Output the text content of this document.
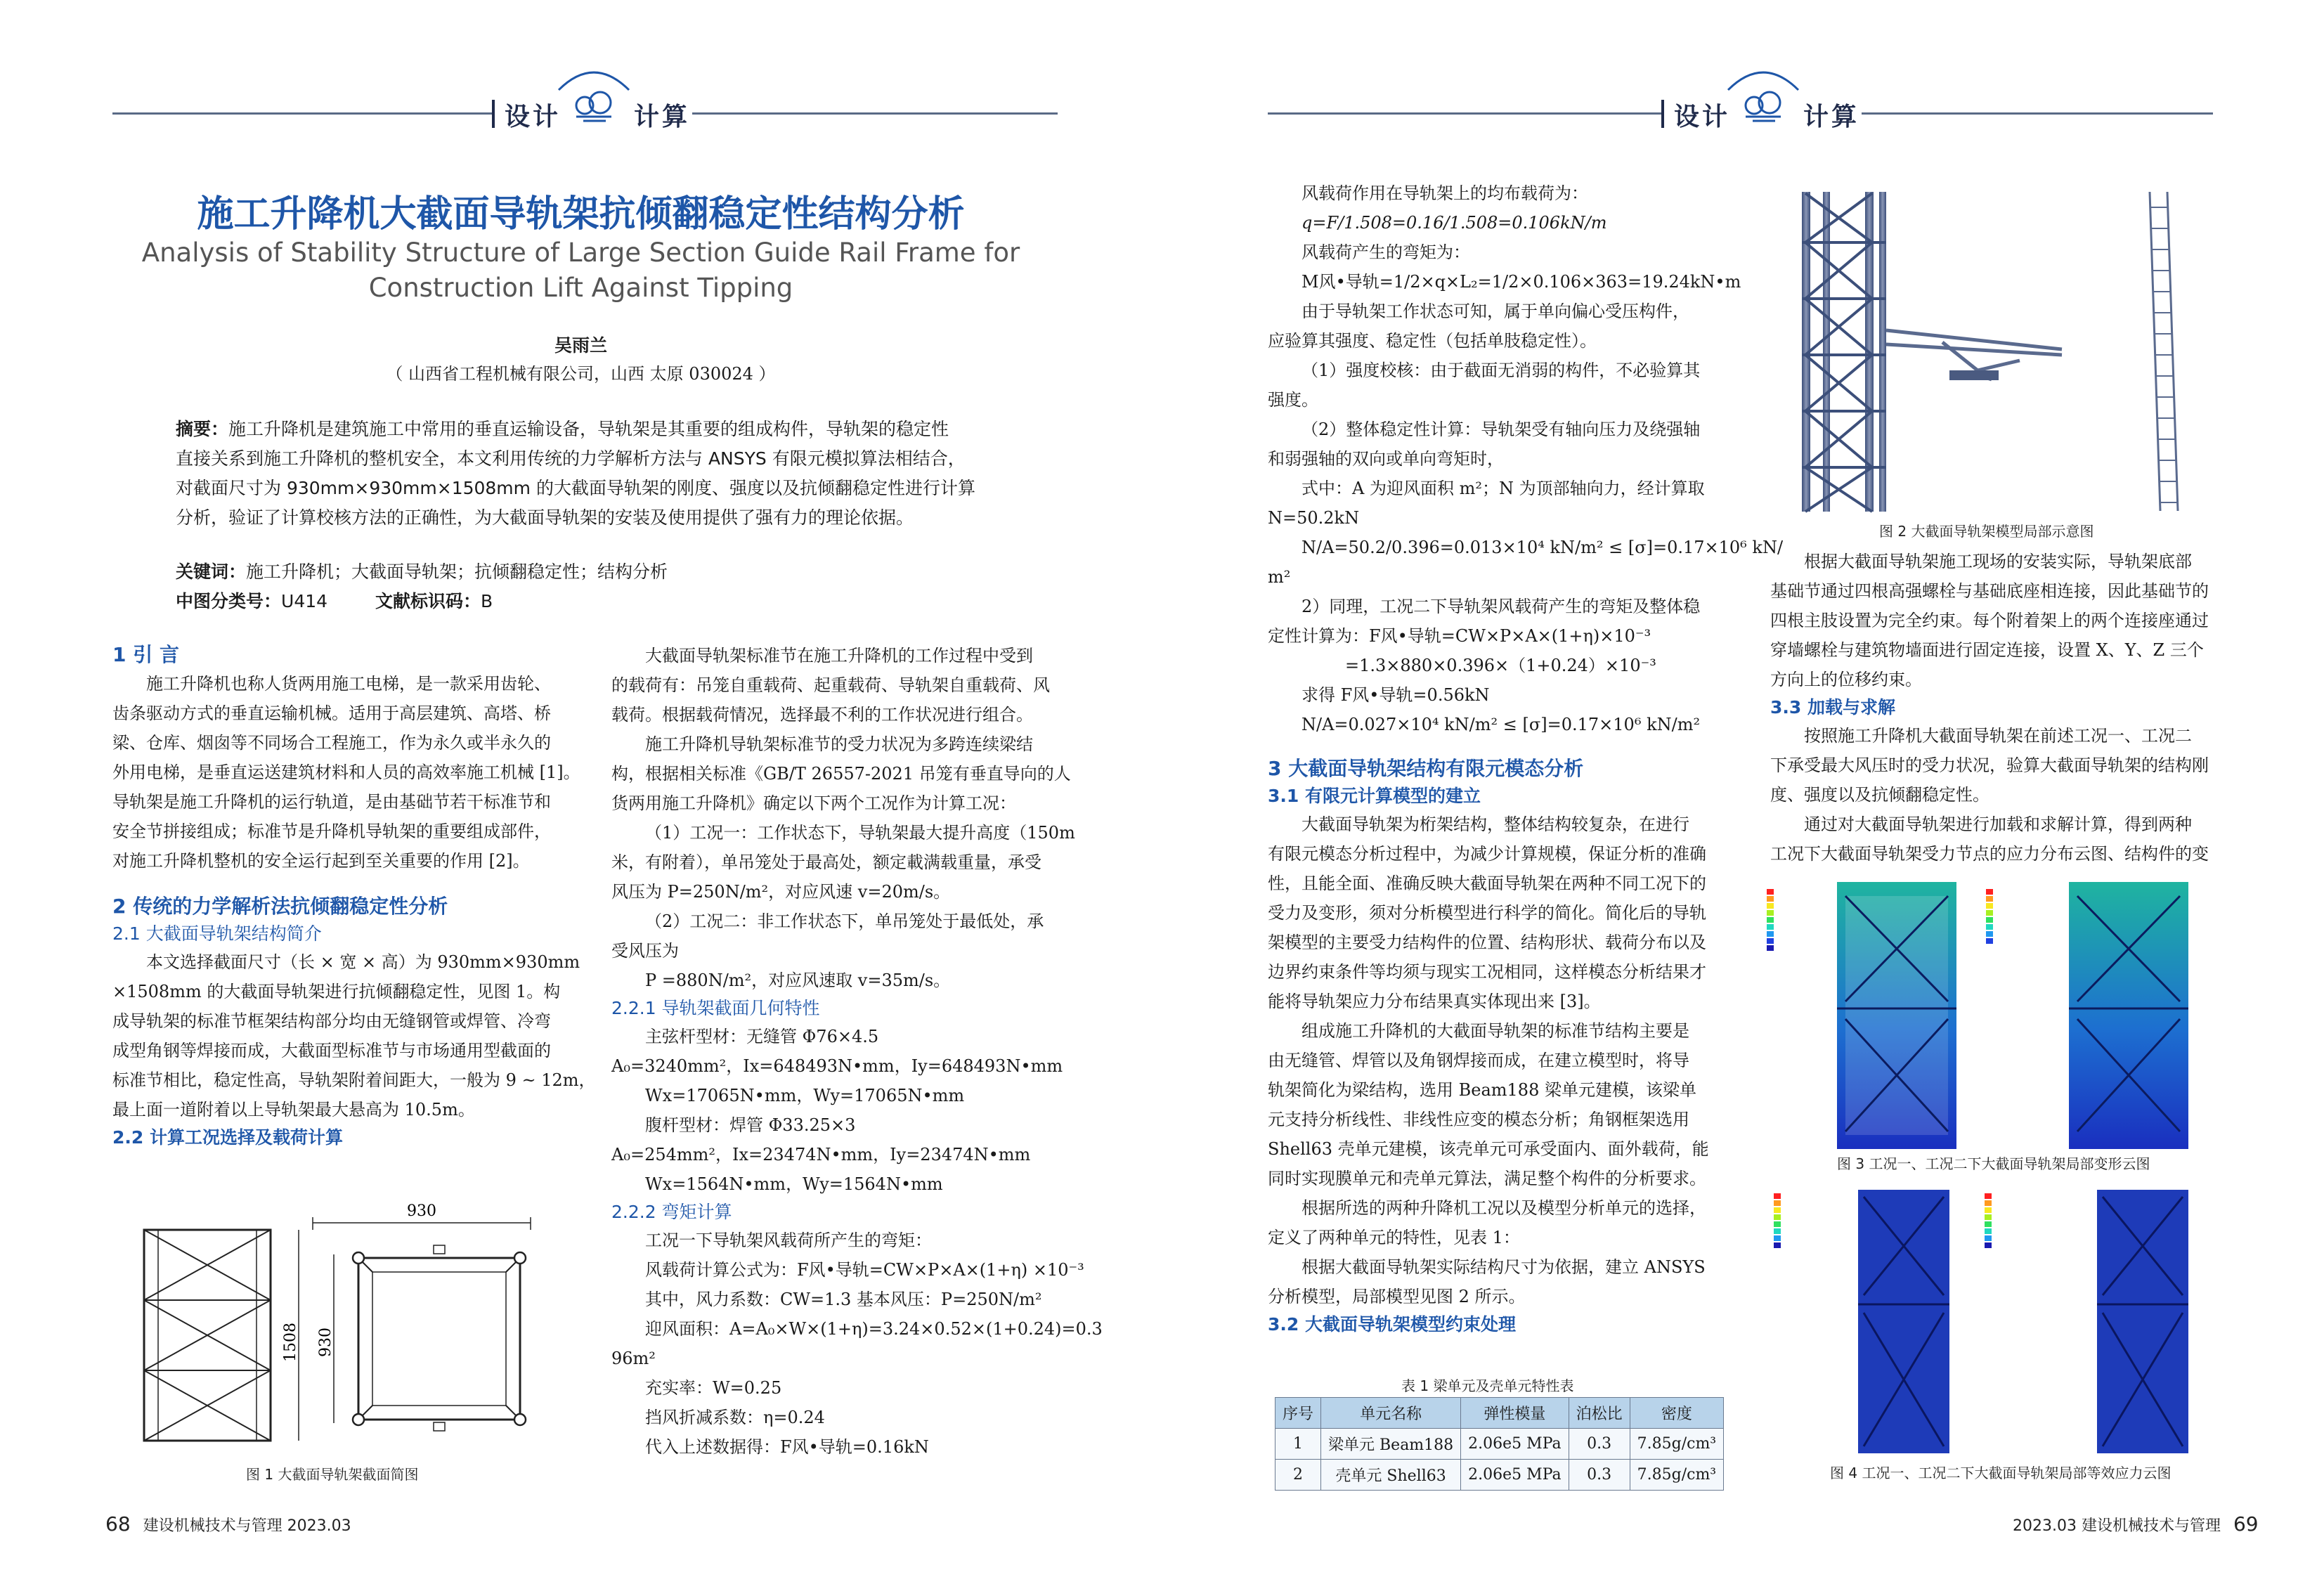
设计	计算
施工升降机大截面导轨架抗倾翻稳定性结构分析
Analysis of Stability Structure of Large Section Guide Rail Frame for
Construction Lift Against Tipping
吴雨兰
（ 山西省工程机械有限公司，山西 太原 030024 ）
摘要：施工升降机是建筑施工中常用的垂直运输设备，导轨架是其重要的组成构件，导轨架的稳定性
直接关系到施工升降机的整机安全，本文利用传统的力学解析方法与 ANSYS 有限元模拟算法相结合，
对截面尺寸为 930mm×930mm×1508mm 的大截面导轨架的刚度、强度以及抗倾翻稳定性进行计算
分析，验证了计算校核方法的正确性，为大截面导轨架的安装及使用提供了强有力的理论依据。
关键词：施工升降机；大截面导轨架；抗倾翻稳定性；结构分析
中图分类号：U414	文献标识码：B
1 引 言
施工升降机也称人货两用施工电梯，是一款采用齿轮、
齿条驱动方式的垂直运输机械。适用于高层建筑、高塔、桥
梁、仓库、烟囱等不同场合工程施工，作为永久或半永久的
外用电梯，是垂直运送建筑材料和人员的高效率施工机械 [1]。
导轨架是施工升降机的运行轨道，是由基础节若干标准节和
安全节拼接组成；标准节是升降机导轨架的重要组成部件，
对施工升降机整机的安全运行起到至关重要的作用 [2]。
2 传统的力学解析法抗倾翻稳定性分析
2.1 大截面导轨架结构简介
本文选择截面尺寸（长 × 宽 × 高）为 930mm×930mm
×1508mm 的大截面导轨架进行抗倾翻稳定性，见图 1。构
成导轨架的标准节框架结构部分均由无缝钢管或焊管、冷弯
成型角钢等焊接而成，大截面型标准节与市场通用型截面的
标准节相比，稳定性高，导轨架附着间距大，一般为 9 ~ 12m，
最上面一道附着以上导轨架最大悬高为 10.5m。
2.2 计算工况选择及载荷计算
930
1508 930
图 1 大截面导轨架截面简图
大截面导轨架标准节在施工升降机的工作过程中受到
的载荷有：吊笼自重载荷、起重载荷、导轨架自重载荷、风
载荷。根据载荷情况，选择最不利的工作状况进行组合。
施工升降机导轨架标准节的受力状况为多跨连续梁结
构，根据相关标准《GB/T 26557-2021 吊笼有垂直导向的人
货两用施工升降机》确定以下两个工况作为计算工况：
（1）工况一：工作状态下，导轨架最大提升高度（150m
米，有附着），单吊笼处于最高处，额定載满载重量，承受
风压为 P=250N/m²，对应风速 v=20m/s。
（2）工况二：非工作状态下，单吊笼处于最低处，承
受风压为
P =880N/m²，对应风速取 v=35m/s。
2.2.1 导轨架截面几何特性
主弦杆型材：无缝管 Φ76×4.5
A₀=3240mm²，Ix=648493N•mm，Iy=648493N•mm
Wx=17065N•mm，Wy=17065N•mm
腹杆型材：焊管 Φ33.25×3
A₀=254mm²，Ix=23474N•mm，Iy=23474N•mm
Wx=1564N•mm，Wy=1564N•mm
2.2.2 弯矩计算
工况一下导轨架风载荷所产生的弯矩：
风载荷计算公式为：F风•导轨=CW×P×A×(1+η) ×10⁻³
其中，风力系数：CW=1.3 基本风压：P=250N/m²
迎风面积：A=A₀×W×(1+η)=3.24×0.52×(1+0.24)=0.3
96m²
充实率：W=0.25
挡风折减系数：η=0.24
代入上述数据得：F风•导轨=0.16kN
68 建设机械技术与管理 2023.03
设计	计算
风载荷作用在导轨架上的均布载荷为：
q=F/1.508=0.16/1.508=0.106kN/m
风载荷产生的弯矩为：
M风•导轨=1/2×q×L₂=1/2×0.106×363=19.24kN•m
由于导轨架工作状态可知，属于单向偏心受压构件，
应验算其强度、稳定性（包括单肢稳定性）。
（1）强度校核：由于截面无消弱的构件，不必验算其
强度。
（2）整体稳定性计算：导轨架受有轴向压力及绕强轴
和弱强轴的双向或单向弯矩时，
式中：A 为迎风面积 m²；N 为顶部轴向力，经计算取
N=50.2kN
N/A=50.2/0.396=0.013×10⁴ kN/m² ≤ [σ]=0.17×10⁶ kN/
m²
2）同理，工况二下导轨架风载荷产生的弯矩及整体稳
定性计算为：F风•导轨=CW×P×A×(1+η)×10⁻³
=1.3×880×0.396×（1+0.24）×10⁻³
求得 F风•导轨=0.56kN
N/A=0.027×10⁴ kN/m² ≤ [σ]=0.17×10⁶ kN/m²
3 大截面导轨架结构有限元模态分析
3.1 有限元计算模型的建立
大截面导轨架为桁架结构，整体结构较复杂，在进行
有限元模态分析过程中，为减少计算规模，保证分析的准确
性，且能全面、准确反映大截面导轨架在两种不同工况下的
受力及变形，须对分析模型进行科学的简化。简化后的导轨
架模型的主要受力结构件的位置、结构形状、载荷分布以及
边界约束条件等均须与现实工况相同，这样模态分析结果才
能将导轨架应力分布结果真实体现出来 [3]。
组成施工升降机的大截面导轨架的标准节结构主要是
由无缝管、焊管以及角钢焊接而成，在建立模型时，将导
轨架简化为梁结构，选用 Beam188 梁单元建模，该梁单
元支持分析线性、非线性应变的模态分析；角钢框架选用
Shell63 壳单元建模，该壳单元可承受面内、面外载荷，能
同时实现膜单元和壳单元算法，满足整个构件的分析要求。
根据所选的两种升降机工况以及模型分析单元的选择，
定义了两种单元的特性，见表 1：
根据大截面导轨架实际结构尺寸为依据，建立 ANSYS
分析模型，局部模型见图 2 所示。
3.2 大截面导轨架模型约束处理
表 1 梁单元及壳单元特性表
序号	单元名称	弹性模量	泊松比	密度
1	梁单元 Beam188	2.06e5 MPa	0.3	7.85g/cm³
2	壳单元 Shell63	2.06e5 MPa	0.3	7.85g/cm³
图 2 大截面导轨架模型局部示意图
根据大截面导轨架施工现场的安装实际，导轨架底部
基础节通过四根高强螺栓与基础底座相连接，因此基础节的
四根主肢设置为完全约束。每个附着架上的两个连接座通过
穿墙螺栓与建筑物墙面进行固定连接，设置 X、Y、Z 三个
方向上的位移约束。
3.3 加载与求解
按照施工升降机大截面导轨架在前述工况一、工况二
下承受最大风压时的受力状况，验算大截面导轨架的结构刚
度、强度以及抗倾翻稳定性。
通过对大截面导轨架进行加载和求解计算，得到两种
工况下大截面导轨架受力节点的应力分布云图、结构件的变
图 3 工况一、工况二下大截面导轨架局部变形云图
图 4 工况一、工况二下大截面导轨架局部等效应力云图
2023.03 建设机械技术与管理 69
